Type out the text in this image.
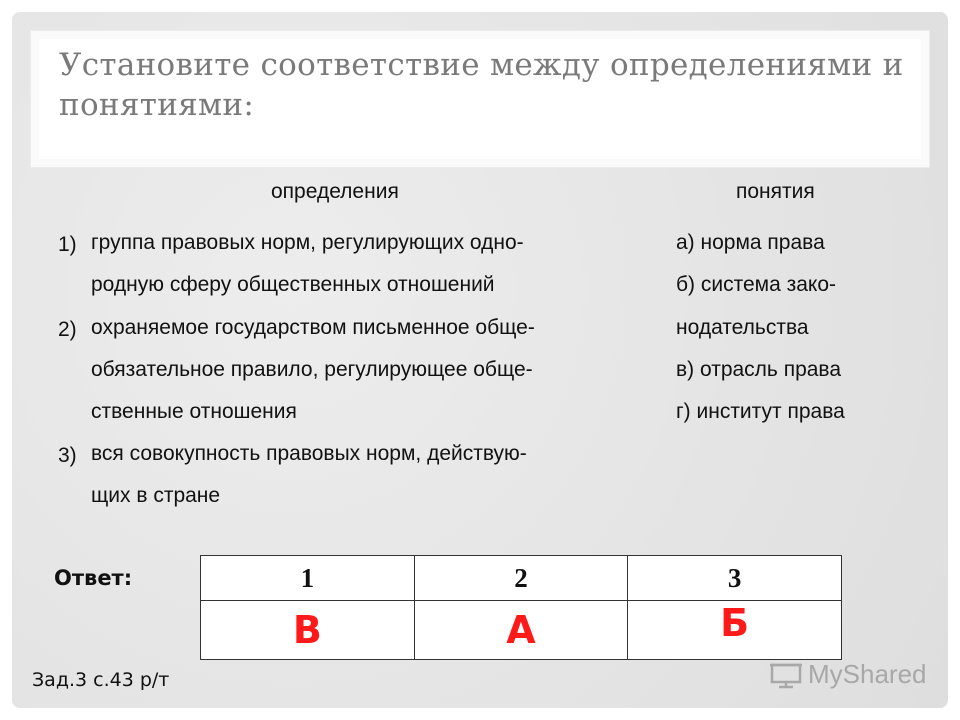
Установите соответствие между определениями и понятиями:
определения	понятия
1) группа правовых норм, регулирующих одно-
родную сферу общественных отношений
2) охраняемое государством письменное обще-
обязательное правило, регулирующее обще-
ственные отношения
3) вся совокупность правовых норм, действую-
щих в стране
а) норма права
б) система зако-
нодательства
в) отрасль права
г) институт права
Ответ:	1	2	3
В	А	Б
Зад.3 с.43 р/т	MyShared
